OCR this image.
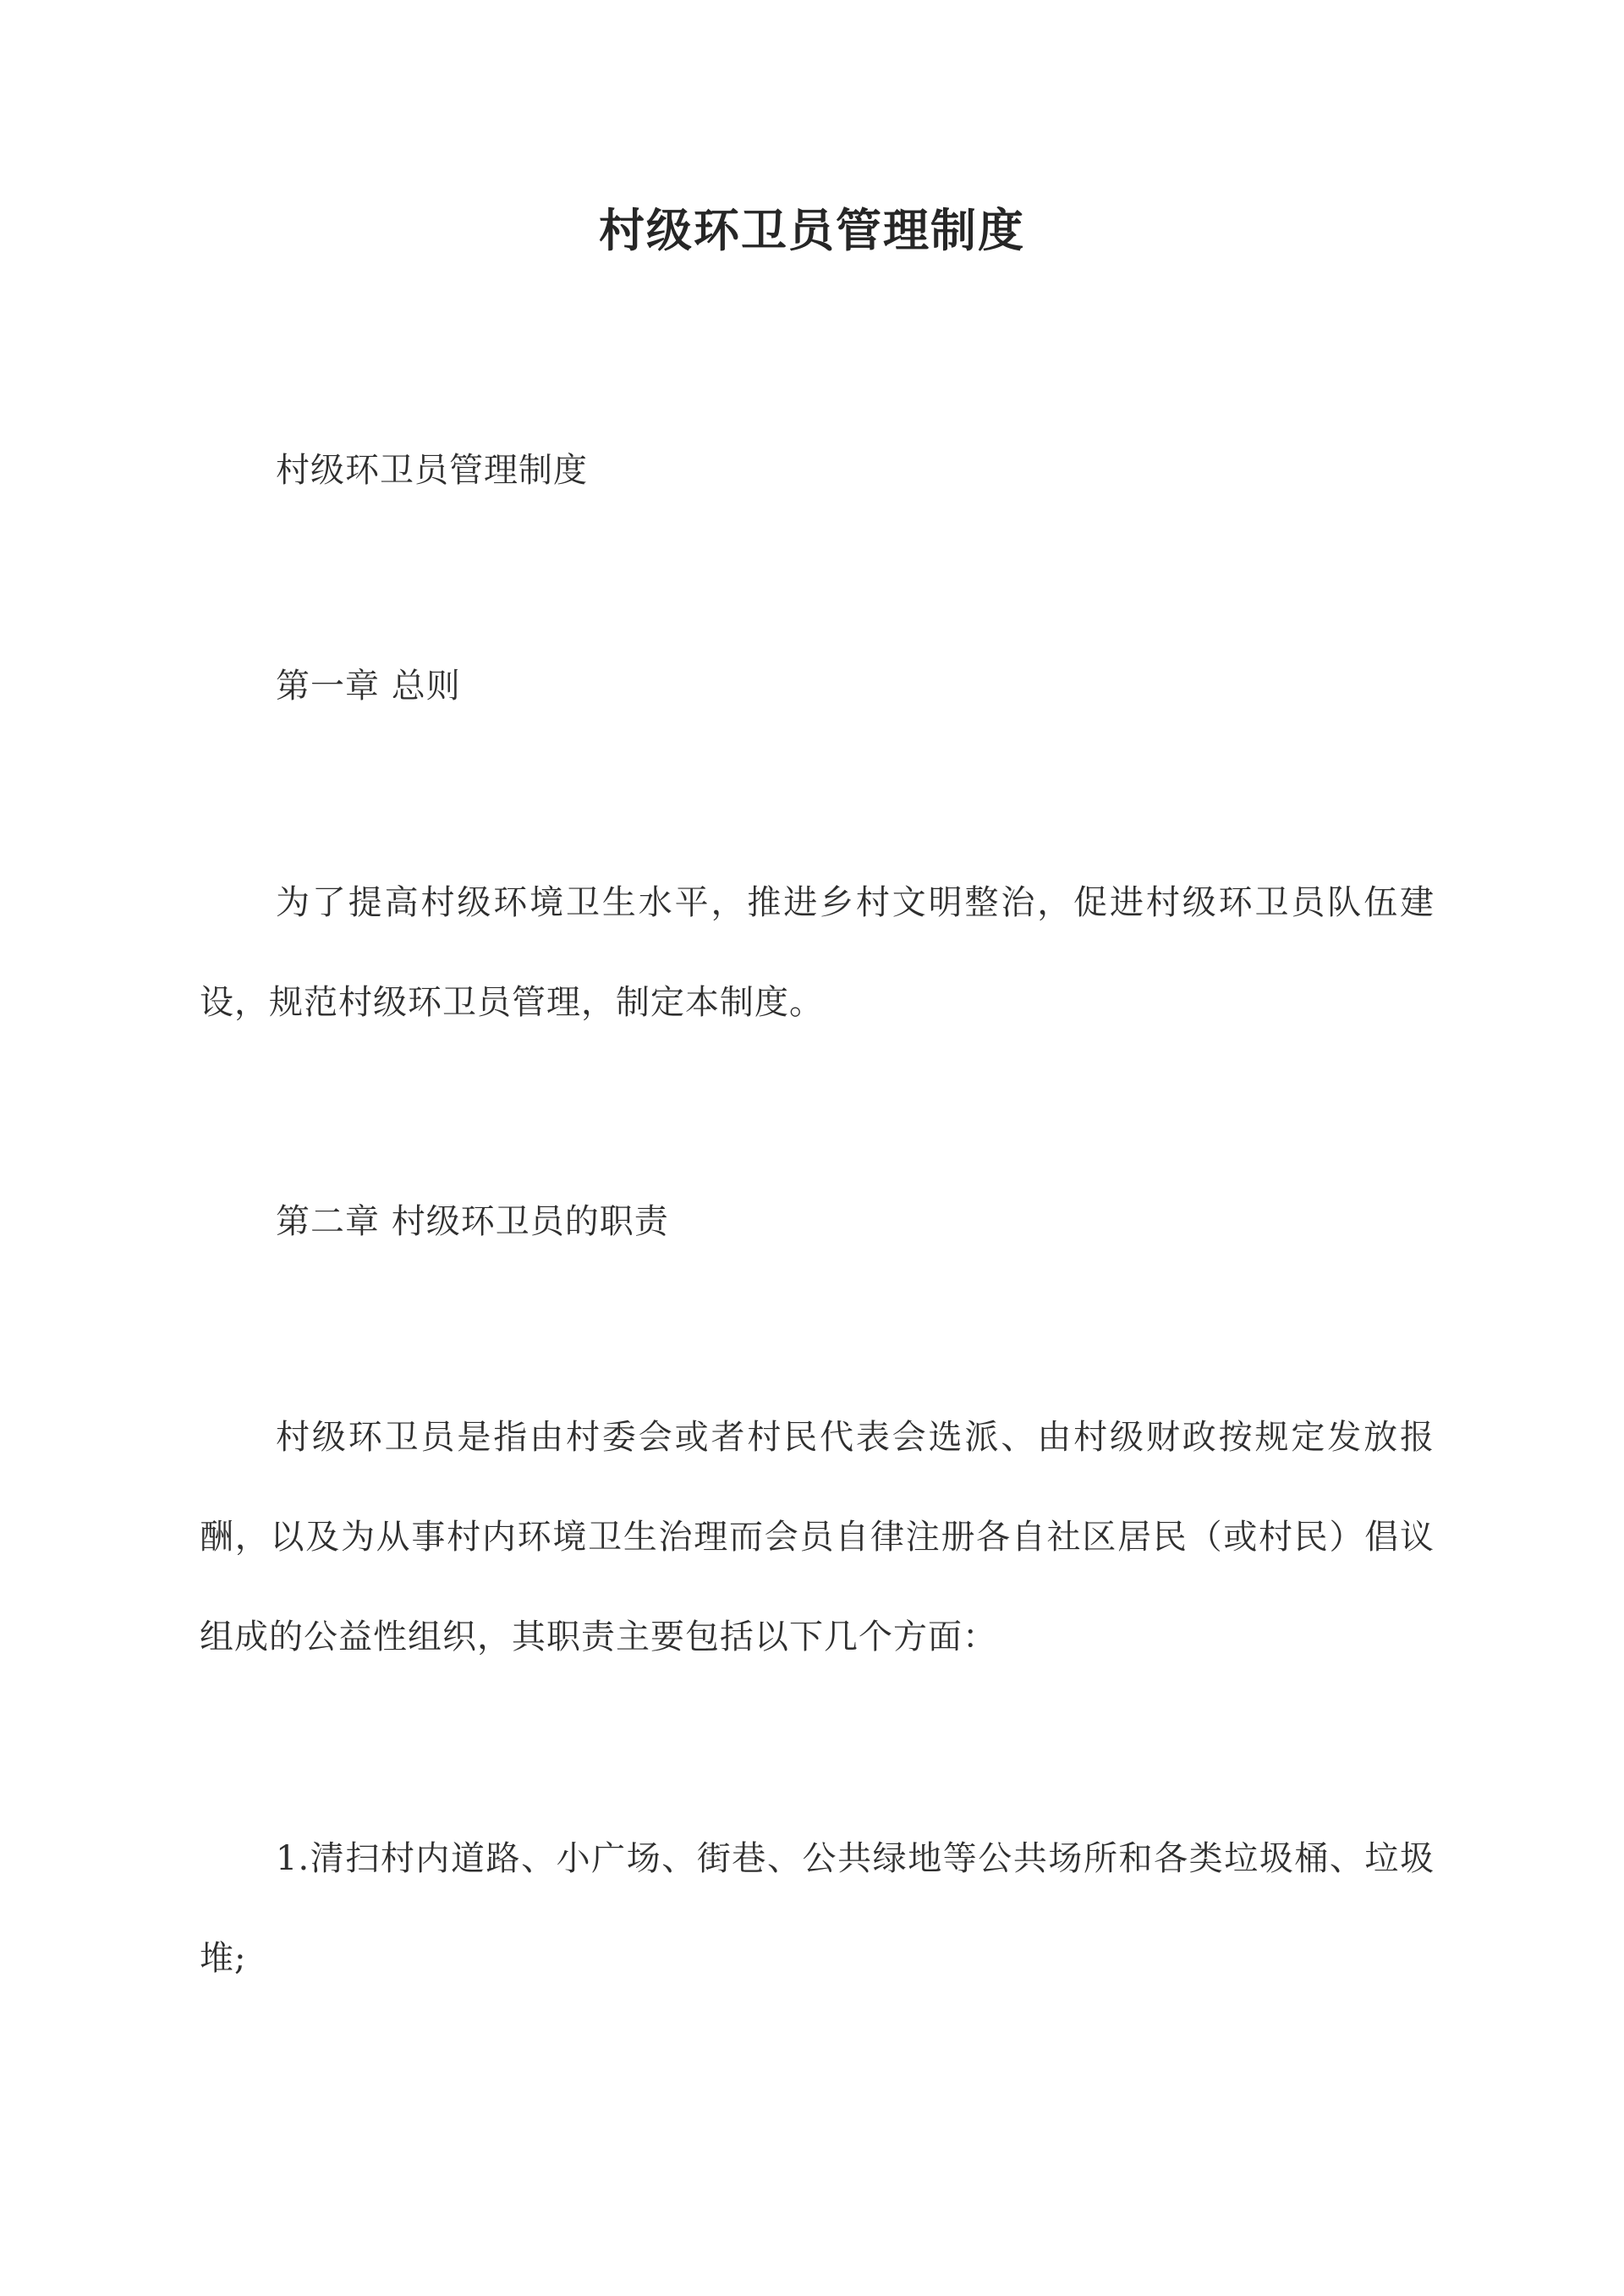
村级环卫员管理制度

村级环卫员管理制度

第一章 总则

为了提高村级环境卫生水平，推进乡村文明整治，促进村级环卫员队伍建设，规范村级环卫员管理，制定本制度。

第二章 村级环卫员的职责

村级环卫员是指由村委会或者村民代表会选派、由村级财政按规定发放报酬，以及为从事村内环境卫生治理而会员自律注册各自社区居民（或村民）倡议组成的公益性组织，其职责主要包括以下几个方面：

1.清扫村内道路、小广场、街巷、公共绿地等公共场所和各类垃圾桶、垃圾堆;
